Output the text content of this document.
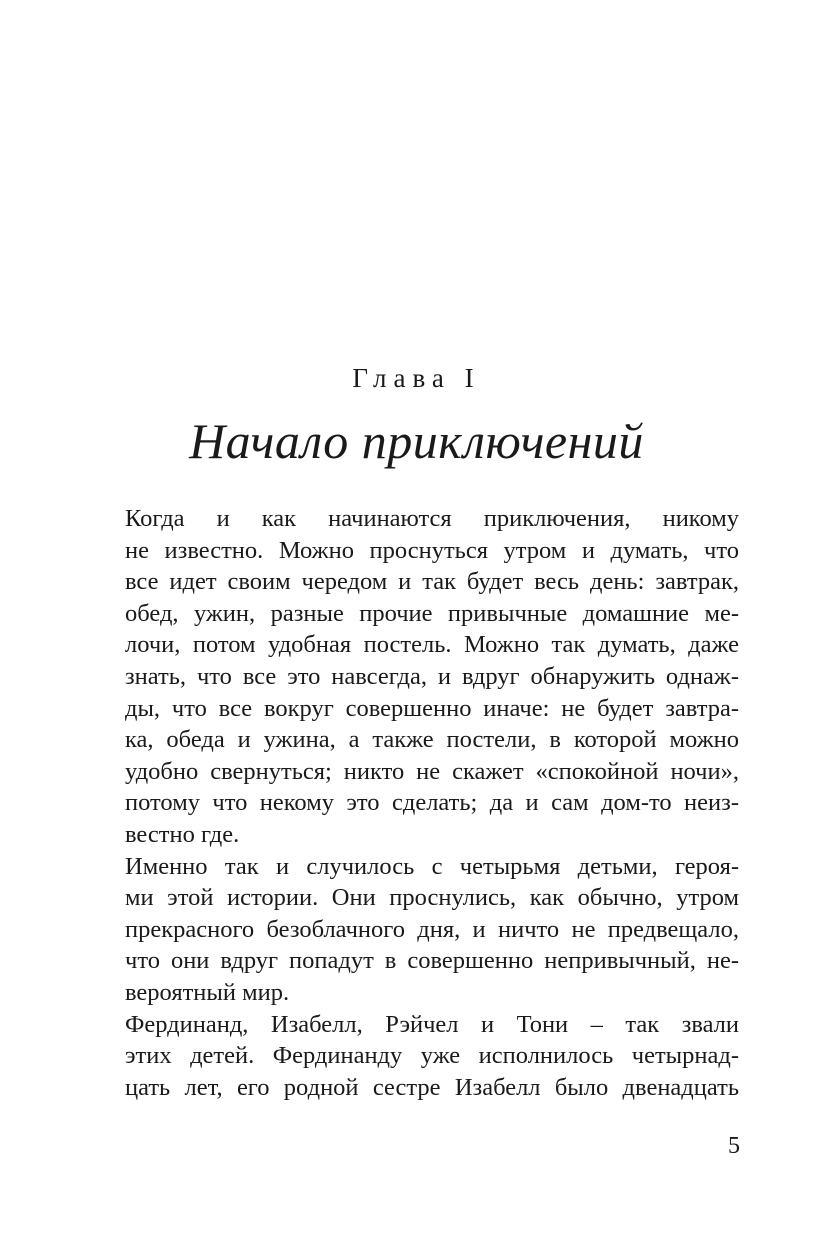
Глава I
Начало приключений

Когда и как начинаются приключения, никому
не известно. Можно проснуться утром и думать, что
все идет своим чередом и так будет весь день: завтрак,
обед, ужин, разные прочие привычные домашние ме-
лочи, потом удобная постель. Можно так думать, даже
знать, что все это навсегда, и вдруг обнаружить однаж-
ды, что все вокруг совершенно иначе: не будет завтра-
ка, обеда и ужина, а также постели, в которой можно
удобно свернуться; никто не скажет «спокойной ночи»,
потому что некому это сделать; да и сам дом-то неиз-
вестно где.

Именно так и случилось с четырьмя детьми, героя-
ми этой истории. Они проснулись, как обычно, утром
прекрасного безоблачного дня, и ничто не предвещало,
что они вдруг попадут в совершенно непривычный, не-
вероятный мир.

Фердинанд, Изабелл, Рэйчел и Тони – так звали
этих детей. Фердинанду уже исполнилось четырнад-
цать лет, его родной сестре Изабелл было двенадцать

5
